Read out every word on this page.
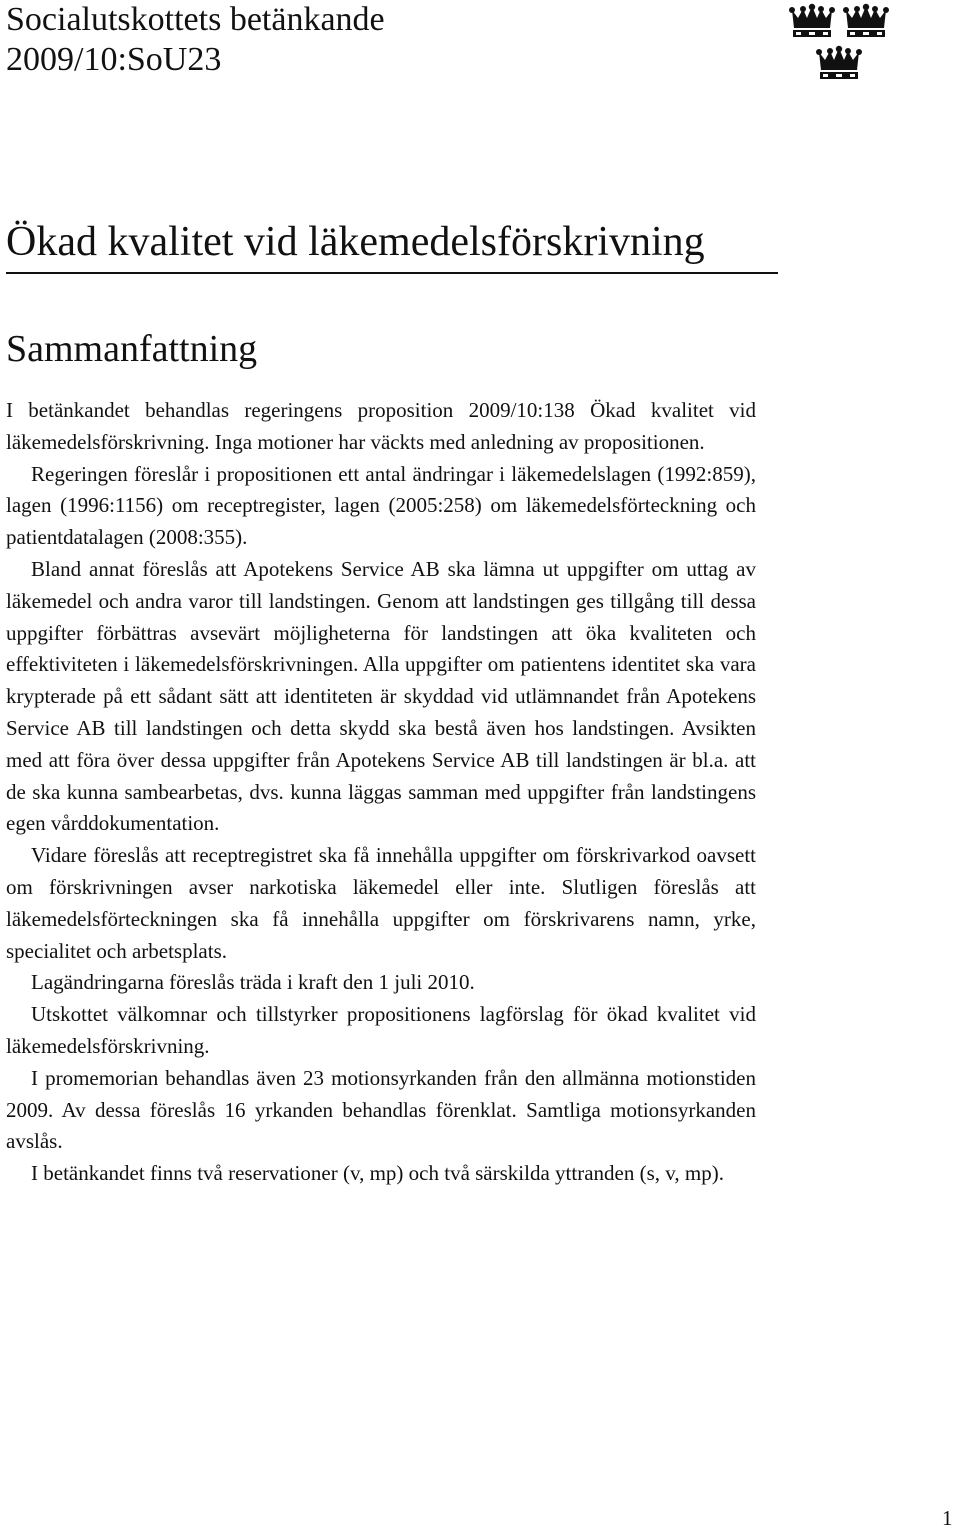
Socialutskottets betänkande
2009/10:SoU23
Ökad kvalitet vid läkemedelsförskrivning
Sammanfattning

I betänkandet behandlas regeringens proposition 2009/10:138 Ökad kvalitet vid läkemedelsförskrivning. Inga motioner har väckts med anledning av propositionen.

Regeringen föreslår i propositionen ett antal ändringar i läkemedelslagen (1992:859), lagen (1996:1156) om receptregister, lagen (2005:258) om läkemedelsförteckning och patientdatalagen (2008:355).

Bland annat föreslås att Apotekens Service AB ska lämna ut uppgifter om uttag av läkemedel och andra varor till landstingen. Genom att landstingen ges tillgång till dessa uppgifter förbättras avsevärt möjligheterna för landstingen att öka kvaliteten och effektiviteten i läkemedelsförskrivningen. Alla uppgifter om patientens identitet ska vara krypterade på ett sådant sätt att identiteten är skyddad vid utlämnandet från Apotekens Service AB till landstingen och detta skydd ska bestå även hos landstingen. Avsikten med att föra över dessa uppgifter från Apotekens Service AB till landstingen är bl.a. att de ska kunna sambearbetas, dvs. kunna läggas samman med uppgifter från landstingens egen vårddokumentation.

Vidare föreslås att receptregistret ska få innehålla uppgifter om förskrivarkod oavsett om förskrivningen avser narkotiska läkemedel eller inte. Slutligen föreslås att läkemedelsförteckningen ska få innehålla uppgifter om förskrivarens namn, yrke, specialitet och arbetsplats.

Lagändringarna föreslås träda i kraft den 1 juli 2010.

Utskottet välkomnar och tillstyrker propositionens lagförslag för ökad kvalitet vid läkemedelsförskrivning.

I promemorian behandlas även 23 motionsyrkanden från den allmänna motionstiden 2009. Av dessa föreslås 16 yrkanden behandlas förenklat. Samtliga motionsyrkanden avslås.

I betänkandet finns två reservationer (v, mp) och två särskilda yttranden (s, v, mp).

1
